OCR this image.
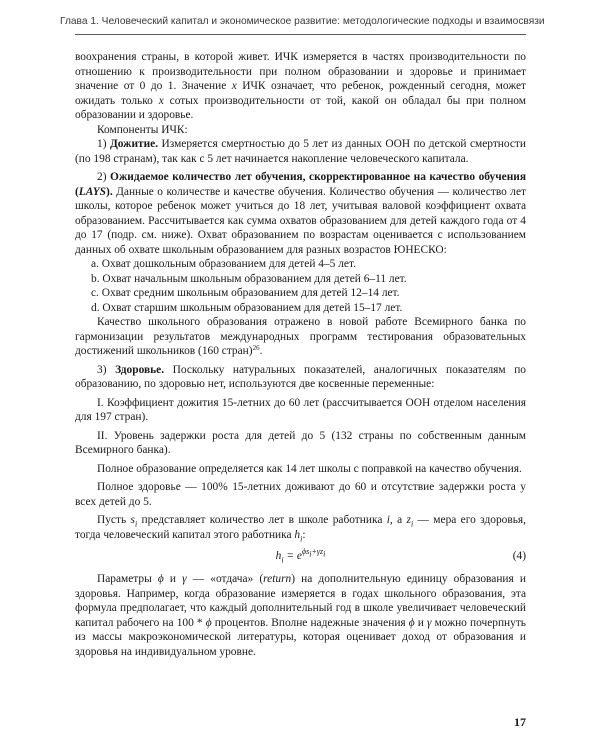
Глава 1. Человеческий капитал и экономическое развитие: методологические подходы и взаимосвязи

воохранения страны, в которой живет. ИЧК измеряется в частях производительности по отношению к производительности при полном образовании и здоровье и принимает значение от 0 до 1. Значение x ИЧК означает, что ребенок, рожденный сегодня, может ожидать только x сотых производительности от той, какой он обладал бы при полном образовании и здоровье.

Компоненты ИЧК:

1) Дожитие. Измеряется смертностью до 5 лет из данных ООН по детской смертности (по 198 странам), так как с 5 лет начинается накопление человеческого капитала.

2) Ожидаемое количество лет обучения, скорректированное на качество обучения (LAYS). Данные о количестве и качестве обучения. Количество обучения — количество лет школы, которое ребенок может учиться до 18 лет, учитывая валовой коэффициент охвата образованием. Рассчитывается как сумма охватов образованием для детей каждого года от 4 до 17 (подр. см. ниже). Охват образованием по возрастам оценивается с использованием данных об охвате школьным образованием для разных возрастов ЮНЕСКО:

a. Охват дошкольным образованием для детей 4–5 лет.

b. Охват начальным школьным образованием для детей 6–11 лет.

c. Охват средним школьным образованием для детей 12–14 лет.

d. Охват старшим школьным образованием для детей 15–17 лет.

Качество школьного образования отражено в новой работе Всемирного банка по гармонизации результатов международных программ тестирования образовательных достижений школьников (160 стран)$^{26}$.

3) Здоровье. Поскольку натуральных показателей, аналогичных показателям по образованию, по здоровью нет, используются две косвенные переменные:

I. Коэффициент дожития 15-летних до 60 лет (рассчитывается ООН отделом населения для 197 стран).

II. Уровень задержки роста для детей до 5 (132 страны по собственным данным Всемирного банка).

Полное образование определяется как 14 лет школы с поправкой на качество обучения.

Полное здоровье — 100% 15-летних доживают до 60 и отсутствие задержки роста у всех детей до 5.

Пусть $s_i$ представляет количество лет в школе работника i, а $z_i$ — мера его здоровья, тогда человеческий капитал этого работника $h_i$:

$h_i = e^{\phi s_i+\gamma z_i}$	(4)

Параметры ϕ и γ — «отдача» (return) на дополнительную единицу образования и здоровья. Например, когда образование измеряется в годах школьного образования, эта формула предполагает, что каждый дополнительный год в школе увеличивает человеческий капитал рабочего на 100 * ϕ процентов. Вполне надежные значения ϕ и γ можно почерпнуть из массы макроэкономической литературы, которая оценивает доход от образования и здоровья на индивидуальном уровне.

17
